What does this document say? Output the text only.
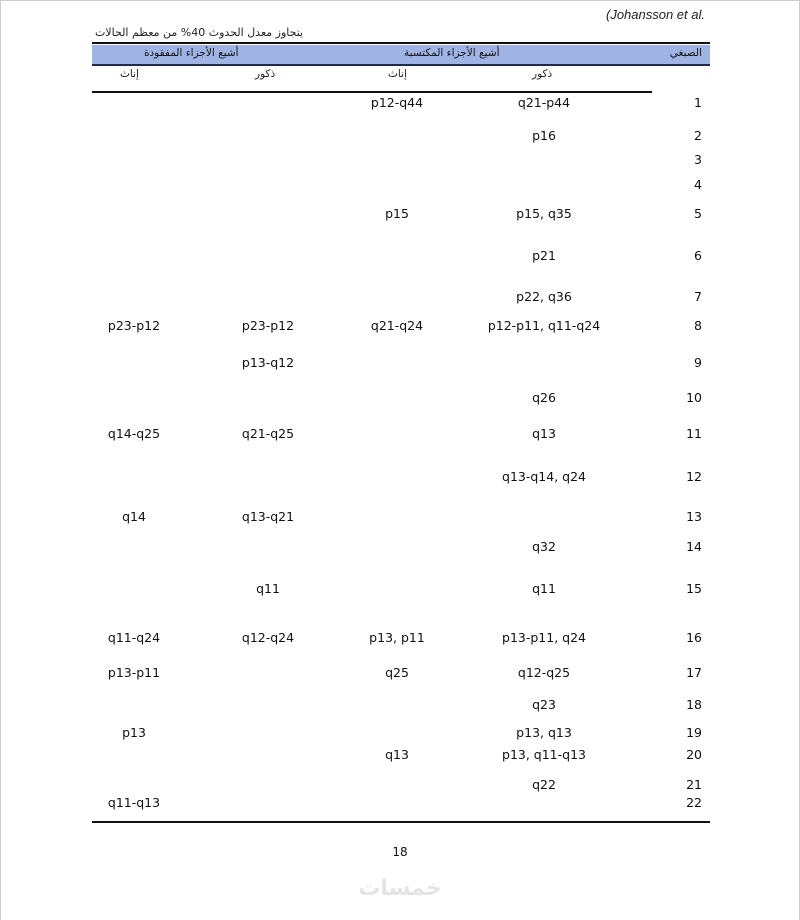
(Johansson et al.
يتجاوز معدل الحدوث 40% من معظم الحالات
الصبغي
أشيع الأجزاء المكتسبة
أشيع الأجزاء المفقودة
ذكور
إناث
ذكور
إناث
1
q21-p44
p12-q44
2
p16
3
4
5
p15, q35
p15
6
p21
7
p22, q36
8
p12-p11, q11-q24
q21-q24
p23-p12
p23-p12
9
p13-q12
10
q26
11
q13
q21-q25
q14-q25
12
q13-q14, q24
13
q13-q21
q14
14
q32
15
q11
q11
16
p13-p11, q24
p13, p11
q12-q24
q11-q24
17
q12-q25
q25
p13-p11
18
q23
19
p13, q13
p13
20
p13, q11-q13
q13
21
q22
22
q11-q13
18
خمسات
